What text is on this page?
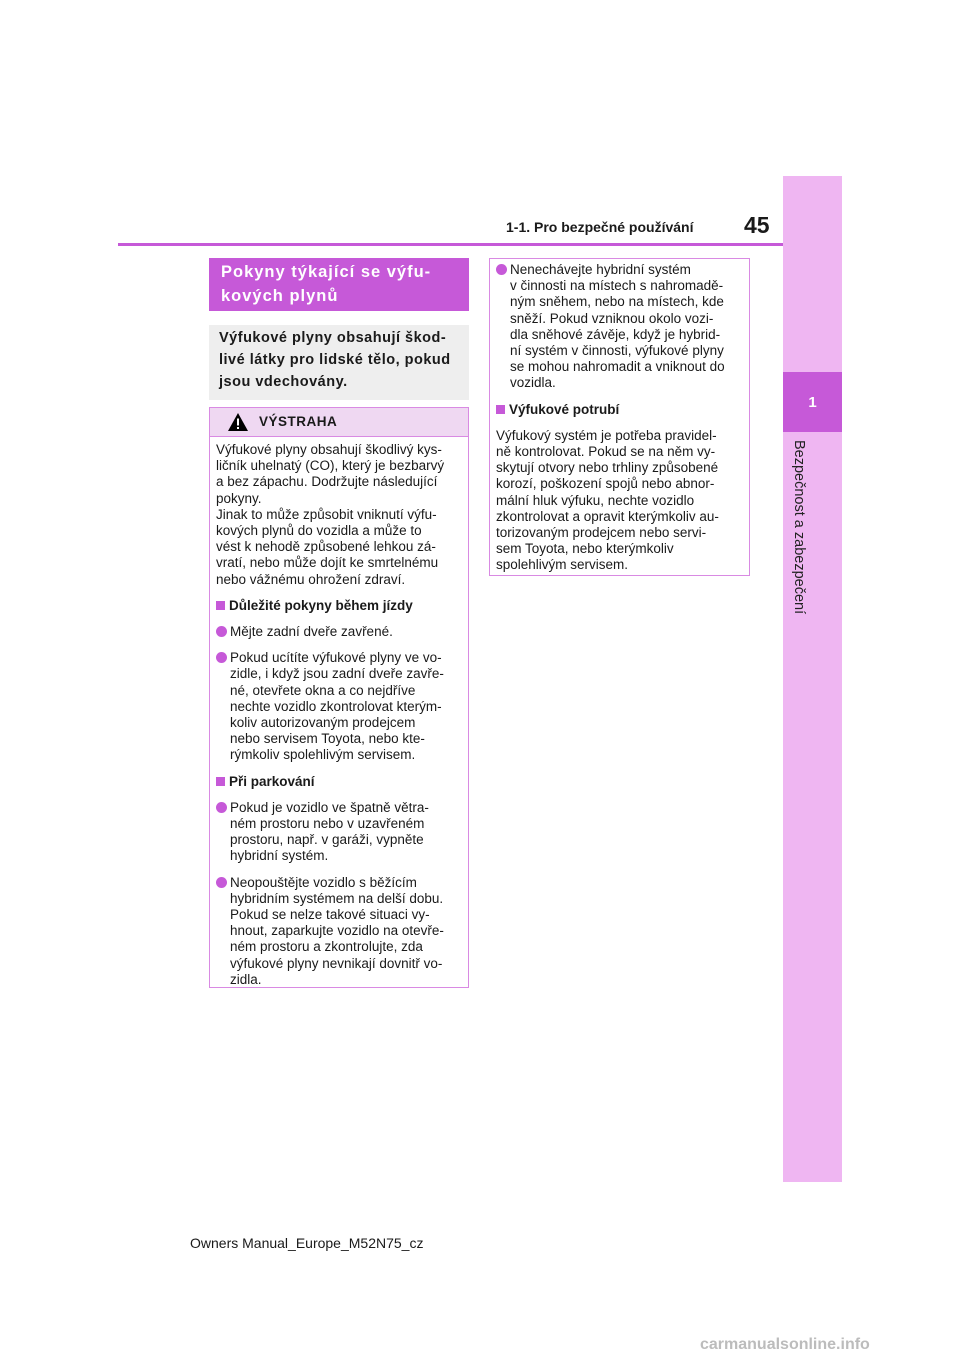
1
Bezpečnost a zabezpečení
45
1-1. Pro bezpečné používání
Pokyny týkající se výfu-
kových plynů
Výfukové plyny obsahují škod-
livé látky pro lidské tělo, pokud
jsou vdechovány.
VÝSTRAHA

Výfukové plyny obsahují škodlivý kys-

ličník uhelnatý (CO), který je bezbarvý

a bez zápachu. Dodržujte následující

pokyny.

Jinak to může způsobit vniknutí výfu-

kových plynů do vozidla a může to

vést k nehodě způsobené lehkou zá-

vratí, nebo může dojít ke smrtelnému

nebo vážnému ohrožení zdraví.

Důležité pokyny během jízdy

Mějte zadní dveře zavřené.

Pokud ucítíte výfukové plyny ve vo-

zidle, i když jsou zadní dveře zavře-

né, otevřete okna a co nejdříve

nechte vozidlo zkontrolovat kterým-

koliv autorizovaným prodejcem

nebo servisem Toyota, nebo kte-

rýmkoliv spolehlivým servisem.

Při parkování

Pokud je vozidlo ve špatně větra-

ném prostoru nebo v uzavřeném

prostoru, např. v garáži, vypněte

hybridní systém.

Neopouštějte vozidlo s běžícím

hybridním systémem na delší dobu.

Pokud se nelze takové situaci vy-

hnout, zaparkujte vozidlo na otevře-

ném prostoru a zkontrolujte, zda

výfukové plyny nevnikají dovnitř vo-

zidla.

Nenechávejte hybridní systém

v činnosti na místech s nahromadě-

ným sněhem, nebo na místech, kde

sněží. Pokud vzniknou okolo vozi-

dla sněhové závěje, když je hybrid-

ní systém v činnosti, výfukové plyny

se mohou nahromadit a vniknout do

vozidla.

Výfukové potrubí

Výfukový systém je potřeba pravidel-

ně kontrolovat. Pokud se na něm vy-

skytují otvory nebo trhliny způsobené

korozí, poškození spojů nebo abnor-

mální hluk výfuku, nechte vozidlo

zkontrolovat a opravit kterýmkoliv au-

torizovaným prodejcem nebo servi-

sem Toyota, nebo kterýmkoliv

spolehlivým servisem.

Owners Manual_Europe_M52N75_cz
carmanualsonline.info
